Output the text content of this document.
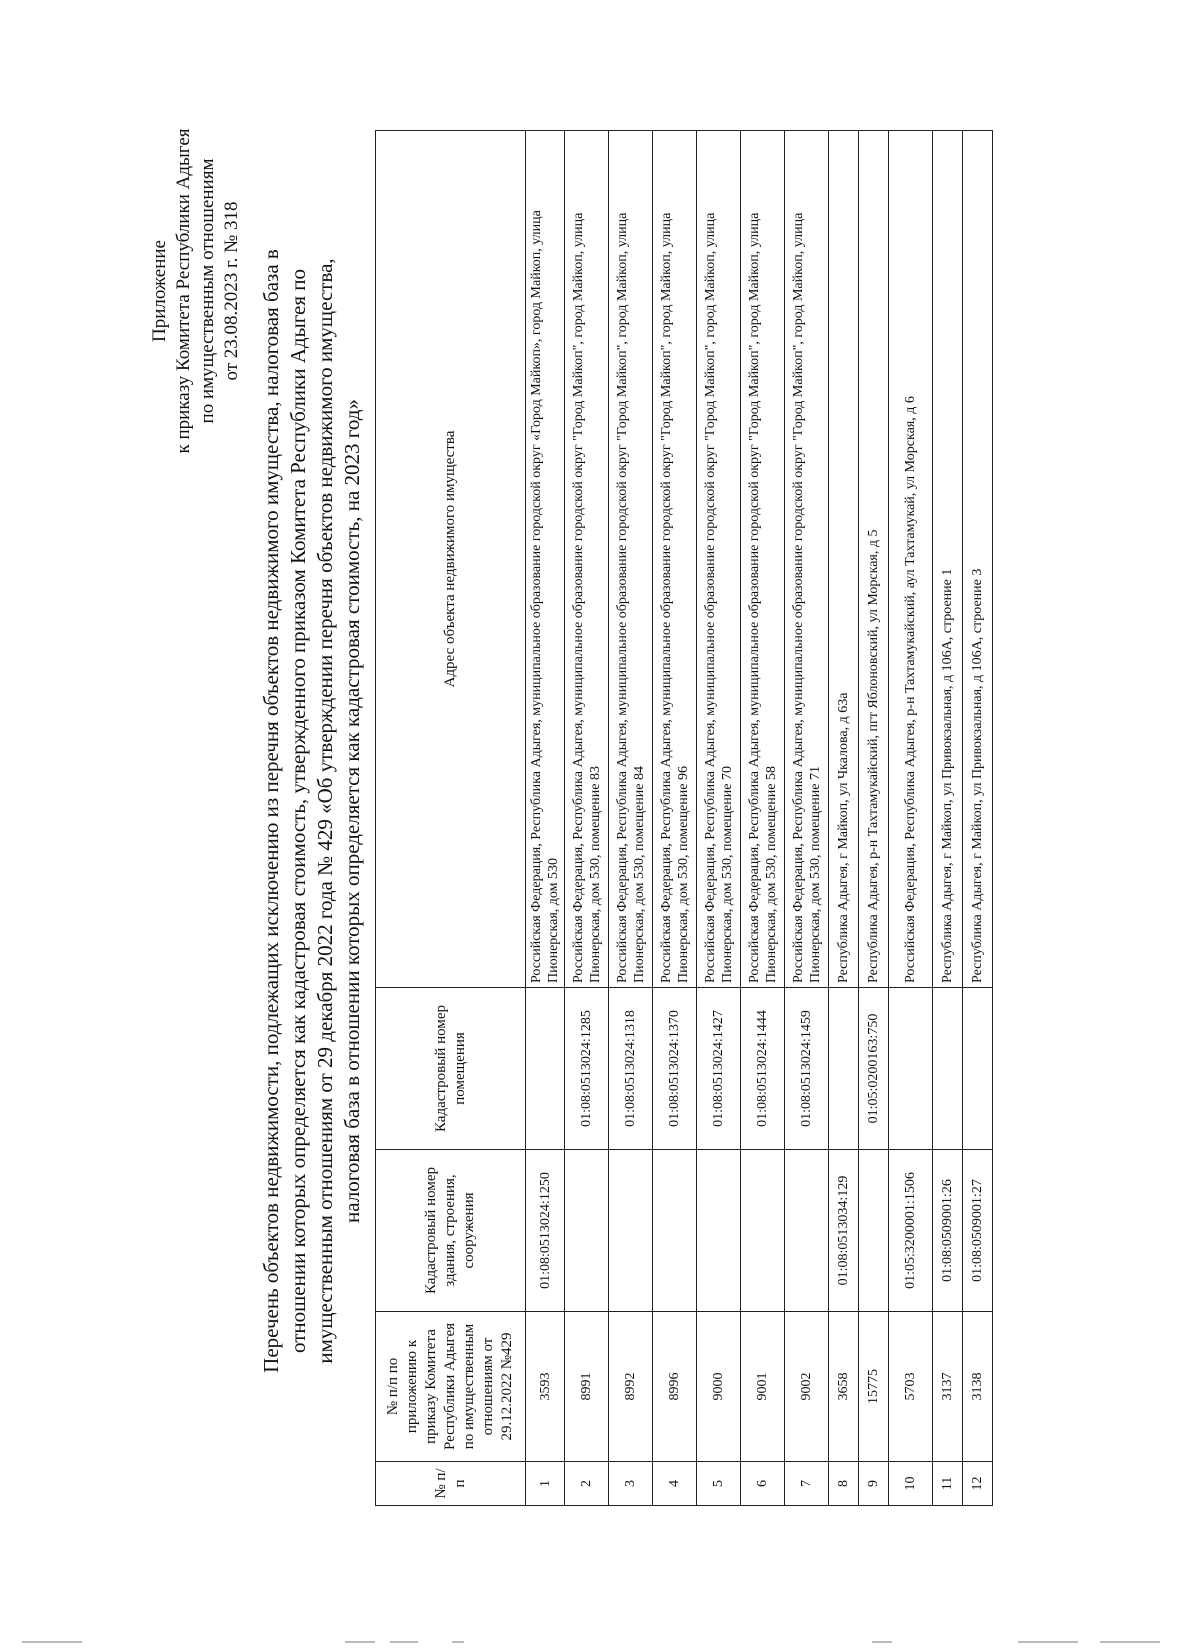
Приложение к приказу Комитета Республики Адыгея по имущественным отношениям от 23.08.2023 г. № 318 Перечень объектов недвижимости, подлежащих исключению из перечня объектов недвижимого имущества, налоговая база в отношении которых определяется как кадастровая стоимость, утвержденного приказом Комитета Республики Адыгея по имущественным отношениям от 29 декабря 2022 года № 429 «Об утверждении перечня объектов недвижимого имущества, налоговая база в отношении которых определяется как кадастровая стоимость, на 2023 год»
№ п/п	№ п/п по приложению к приказу Комитета Республики Адыгея по имущественным отношениям от 29.12.2022 №429	Кадастровый номер здания, строения, сооружения	Кадастровый номер помещения	Адрес объекта недвижимого имущества
1	3593	01:08:0513024:1250		Российская Федерация, Республика Адыгея, муниципальное образование городской округ «Город Майкоп», город Майкоп, улица Пионерская, дом 530
2	8991		01:08:0513024:1285	Российская Федерация, Республика Адыгея, муниципальное образование городской округ "Город Майкоп", город Майкоп, улица Пионерская, дом 530, помещение 83
3	8992		01:08:0513024:1318	Российская Федерация, Республика Адыгея, муниципальное образование городской округ "Город Майкоп", город Майкоп, улица Пионерская, дом 530, помещение 84
4	8996		01:08:0513024:1370	Российская Федерация, Республика Адыгея, муниципальное образование городской округ "Город Майкоп", город Майкоп, улица Пионерская, дом 530, помещение 96
5	9000		01:08:0513024:1427	Российская Федерация, Республика Адыгея, муниципальное образование городской округ "Город Майкоп", город Майкоп, улица Пионерская, дом 530, помещение 70
6	9001		01:08:0513024:1444	Российская Федерация, Республика Адыгея, муниципальное образование городской округ "Город Майкоп", город Майкоп, улица Пионерская, дом 530, помещение 58
7	9002		01:08:0513024:1459	Российская Федерация, Республика Адыгея, муниципальное образование городской округ "Город Майкоп", город Майкоп, улица Пионерская, дом 530, помещение 71
8	3658	01:08:0513034:129		Республика Адыгея, г Майкоп, ул Чкалова, д 63а
9	15775		01:05:0200163:750	Республика Адыгея, р-н Тахтамукайский, пгт Яблоновский, ул Морская, д 5
10	5703	01:05:3200001:1506		Российская Федерация, Республика Адыгея, р-н Тахтамукайский, аул Тахтамукай, ул Морская, д 6
11	3137	01:08:0509001:26		Республика Адыгея, г Майкоп, ул Привокзальная, д 106А, строение 1
12	3138	01:08:0509001:27		Республика Адыгея, г Майкоп, ул Привокзальная, д 106А, строение 3
